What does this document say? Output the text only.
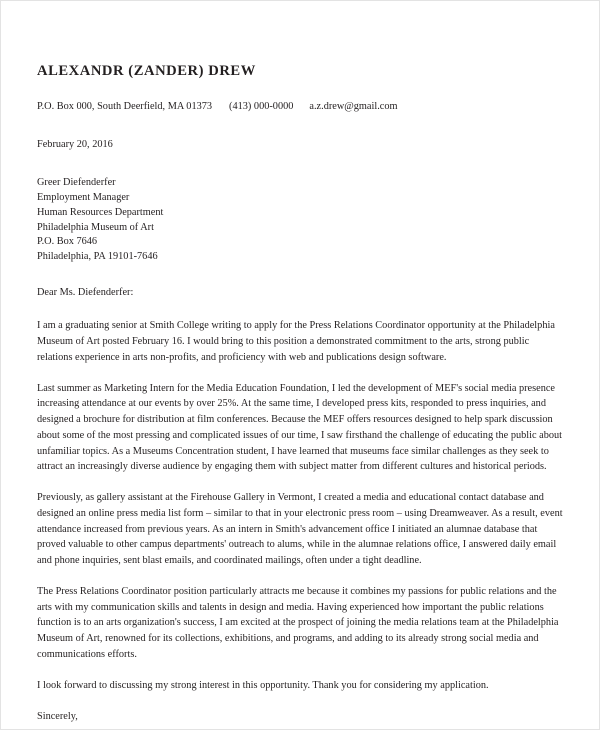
ALEXANDR (ZANDER) DREW
P.O. Box 000, South Deerfield, MA 01373 (413) 000-0000 a.z.drew@gmail.com
February 20, 2016
Greer Diefenderfer
Employment Manager
Human Resources Department
Philadelphia Museum of Art
P.O. Box 7646
Philadelphia, PA 19101-7646
Dear Ms. Diefenderfer:

I am a graduating senior at Smith College writing to apply for the Press Relations Coordinator opportunity at the Philadelphia Museum of Art posted February 16. I would bring to this position a demonstrated commitment to the arts, strong public relations experience in arts non-profits, and proficiency with web and publications design software.

Last summer as Marketing Intern for the Media Education Foundation, I led the development of MEF's social media presence increasing attendance at our events by over 25%. At the same time, I developed press kits, responded to press inquiries, and designed a brochure for distribution at film conferences. Because the MEF offers resources designed to help spark discussion about some of the most pressing and complicated issues of our time, I saw firsthand the challenge of educating the public about unfamiliar topics. As a Museums Concentration student, I have learned that museums face similar challenges as they seek to attract an increasingly diverse audience by engaging them with subject matter from different cultures and historical periods.

Previously, as gallery assistant at the Firehouse Gallery in Vermont, I created a media and educational contact database and designed an online press media list form – similar to that in your electronic press room – using Dreamweaver. As a result, event attendance increased from previous years. As an intern in Smith's advancement office I initiated an alumnae database that proved valuable to other campus departments' outreach to alums, while in the alumnae relations office, I answered daily email and phone inquiries, sent blast emails, and coordinated mailings, often under a tight deadline.

The Press Relations Coordinator position particularly attracts me because it combines my passions for public relations and the arts with my communication skills and talents in design and media. Having experienced how important the public relations function is to an arts organization's success, I am excited at the prospect of joining the media relations team at the Philadelphia Museum of Art, renowned for its collections, exhibitions, and programs, and adding to its already strong social media and communications efforts.

I look forward to discussing my strong interest in this opportunity. Thank you for considering my application.

Sincerely,
